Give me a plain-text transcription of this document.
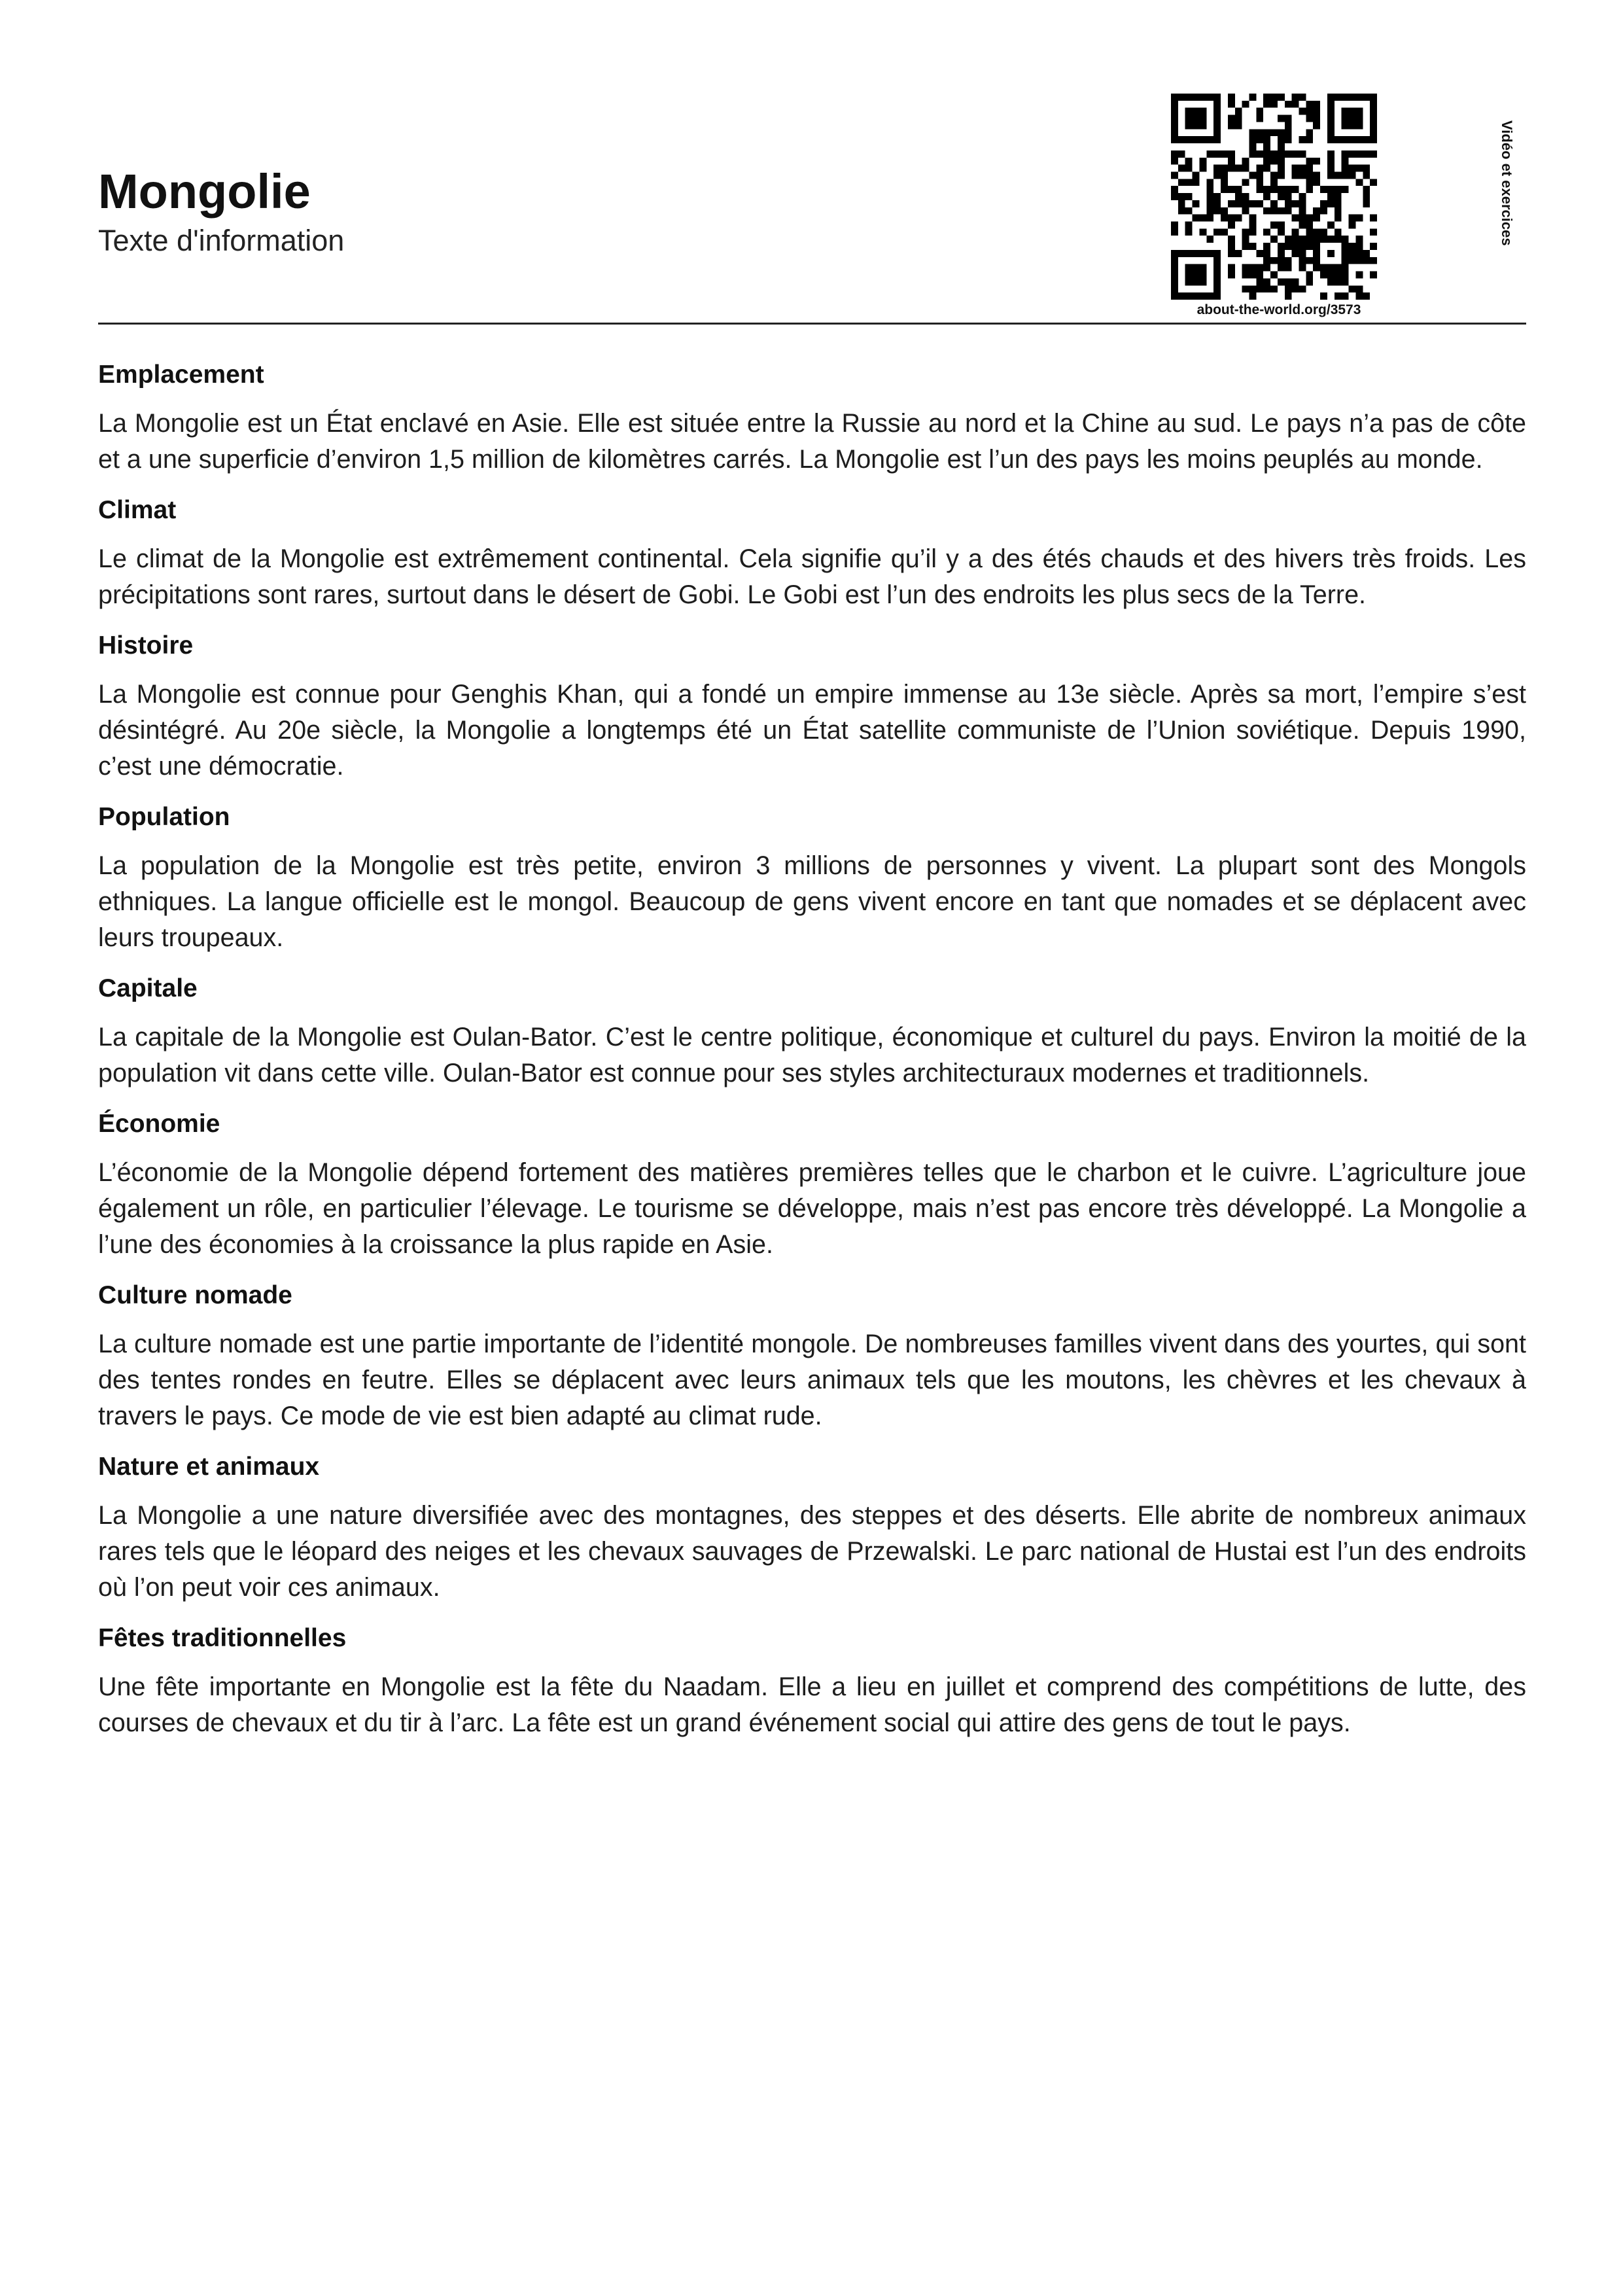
Mongolie

Texte d'information

about-the-world.org/3573
Vidéo et exercices
Emplacement

La Mongolie est un État enclavé en Asie. Elle est située entre la Russie au nord et la Chine au sud. Le pays n’a pas de côte et a une superficie d’environ 1,5 million de kilomètres carrés. La Mongolie est l’un des pays les moins peuplés au monde.

Climat

Le climat de la Mongolie est extrêmement continental. Cela signifie qu’il y a des étés chauds et des hivers très froids. Les précipitations sont rares, surtout dans le désert de Gobi. Le Gobi est l’un des endroits les plus secs de la Terre.

Histoire

La Mongolie est connue pour Genghis Khan, qui a fondé un empire immense au 13e siècle. Après sa mort, l’empire s’est désintégré. Au 20e siècle, la Mongolie a longtemps été un État satellite communiste de l’Union soviétique. Depuis 1990, c’est une démocratie.

Population

La population de la Mongolie est très petite, environ 3 millions de personnes y vivent. La plupart sont des Mongols ethniques. La langue officielle est le mongol. Beaucoup de gens vivent encore en tant que nomades et se déplacent avec leurs troupeaux.

Capitale

La capitale de la Mongolie est Oulan-Bator. C’est le centre politique, économique et culturel du pays. Environ la moitié de la population vit dans cette ville. Oulan-Bator est connue pour ses styles architecturaux modernes et traditionnels.

Économie

L’économie de la Mongolie dépend fortement des matières premières telles que le charbon et le cuivre. L’agriculture joue également un rôle, en particulier l’élevage. Le tourisme se développe, mais n’est pas encore très développé. La Mongolie a l’une des économies à la croissance la plus rapide en Asie.

Culture nomade

La culture nomade est une partie importante de l’identité mongole. De nombreuses familles vivent dans des yourtes, qui sont des tentes rondes en feutre. Elles se déplacent avec leurs animaux tels que les moutons, les chèvres et les chevaux à travers le pays. Ce mode de vie est bien adapté au climat rude.

Nature et animaux

La Mongolie a une nature diversifiée avec des montagnes, des steppes et des déserts. Elle abrite de nombreux animaux rares tels que le léopard des neiges et les chevaux sauvages de Przewalski. Le parc national de Hustai est l’un des endroits où l’on peut voir ces animaux.

Fêtes traditionnelles

Une fête importante en Mongolie est la fête du Naadam. Elle a lieu en juillet et comprend des compétitions de lutte, des courses de chevaux et du tir à l’arc. La fête est un grand événement social qui attire des gens de tout le pays.
